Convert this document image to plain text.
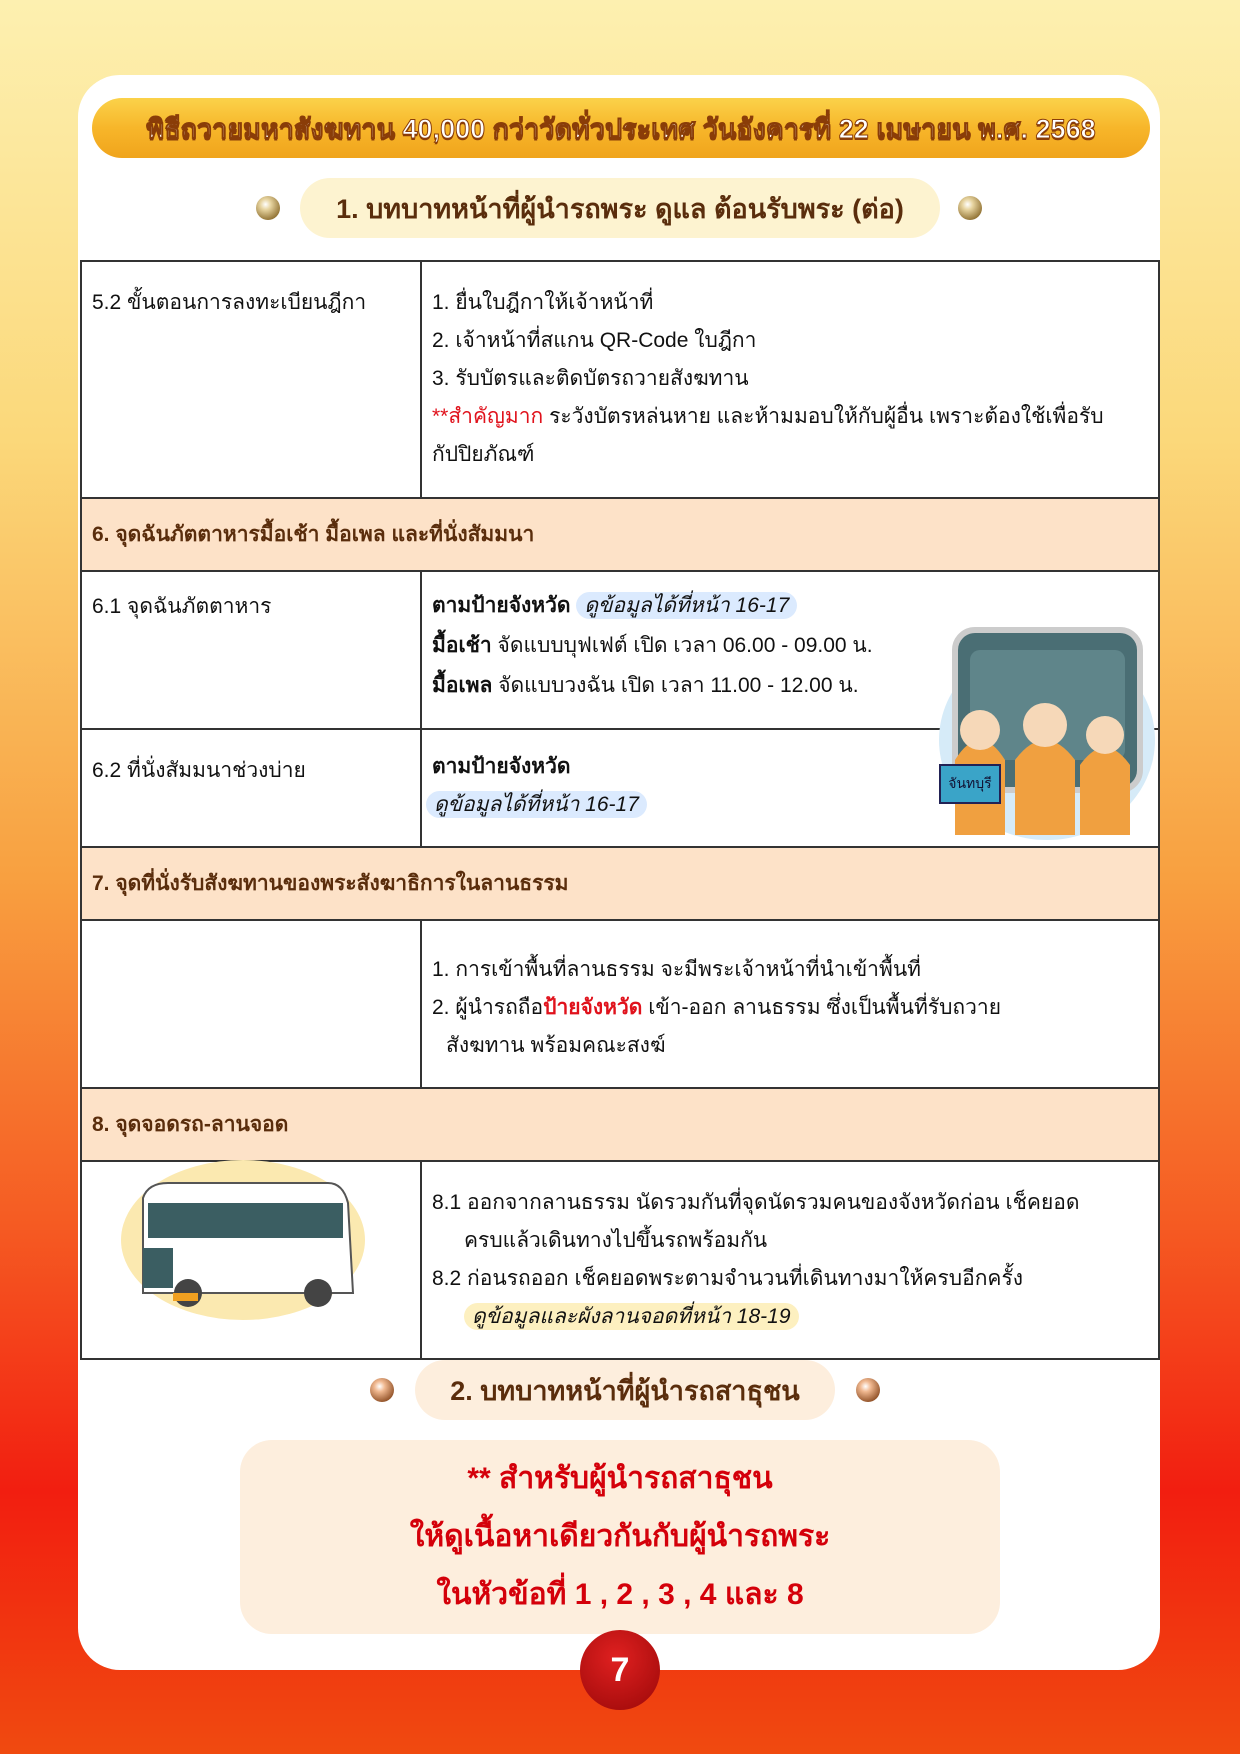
พิธีถวายมหาสังฆทาน 40,000 กว่าวัดทั่วประเทศ วันอังคารที่ 22 เมษายน พ.ศ. 2568
1. บทบาทหน้าที่ผู้นำรถพระ ดูแล ต้อนรับพระ (ต่อ)
5.2 ขั้นตอนการลงทะเบียนฎีกา	1. ยื่นใบฎีกาให้เจ้าหน้าที่
2. เจ้าหน้าที่สแกน QR-Code ใบฎีกา
3. รับบัตรและติดบัตรถวายสังฆทาน
**สำคัญมาก ระวังบัตรหล่นหาย และห้ามมอบให้กับผู้อื่น เพราะต้องใช้เพื่อรับกัปปิยภัณฑ์

6. จุดฉันภัตตาหารมื้อเช้า มื้อเพล และที่นั่งสัมมนา	
6.1 จุดฉันภัตตาหาร	ตามป้ายจังหวัด ดูข้อมูลได้ที่หน้า 16-17
มื้อเช้า จัดแบบบุฟเฟต์ เปิด เวลา 06.00 - 09.00 น.
มื้อเพล จัดแบบวงฉัน เปิด เวลา 11.00 - 12.00 น.

6.2 ที่นั่งสัมมนาช่วงบ่าย	ตามป้ายจังหวัด
ดูข้อมูลได้ที่หน้า 16-17

7. จุดที่นั่งรับสังฆทานของพระสังฆาธิการในลานธรรม	

	1. การเข้าพื้นที่ลานธรรม จะมีพระเจ้าหน้าที่นำเข้าพื้นที่
2. ผู้นำรถถือป้ายจังหวัด เข้า-ออก ลานธรรม ซึ่งเป็นพื้นที่รับถวาย
สังฆทาน พร้อมคณะสงฆ์

8. จุดจอดรถ-ลานจอด	

	8.1 ออกจากลานธรรม นัดรวมกันที่จุดนัดรวมคนของจังหวัดก่อน เช็คยอด
ครบแล้วเดินทางไปขึ้นรถพร้อมกัน
8.2 ก่อนรถออก เช็คยอดพระตามจำนวนที่เดินทางมาให้ครบอีกครั้ง
ดูข้อมูลและผังลานจอดที่หน้า 18-19
จันทบุรี
2. บทบาทหน้าที่ผู้นำรถสาธุชน
** สำหรับผู้นำรถสาธุชน
ให้ดูเนื้อหาเดียวกันกับผู้นำรถพระ
ในหัวข้อที่ 1 , 2 , 3 , 4 และ 8
7
